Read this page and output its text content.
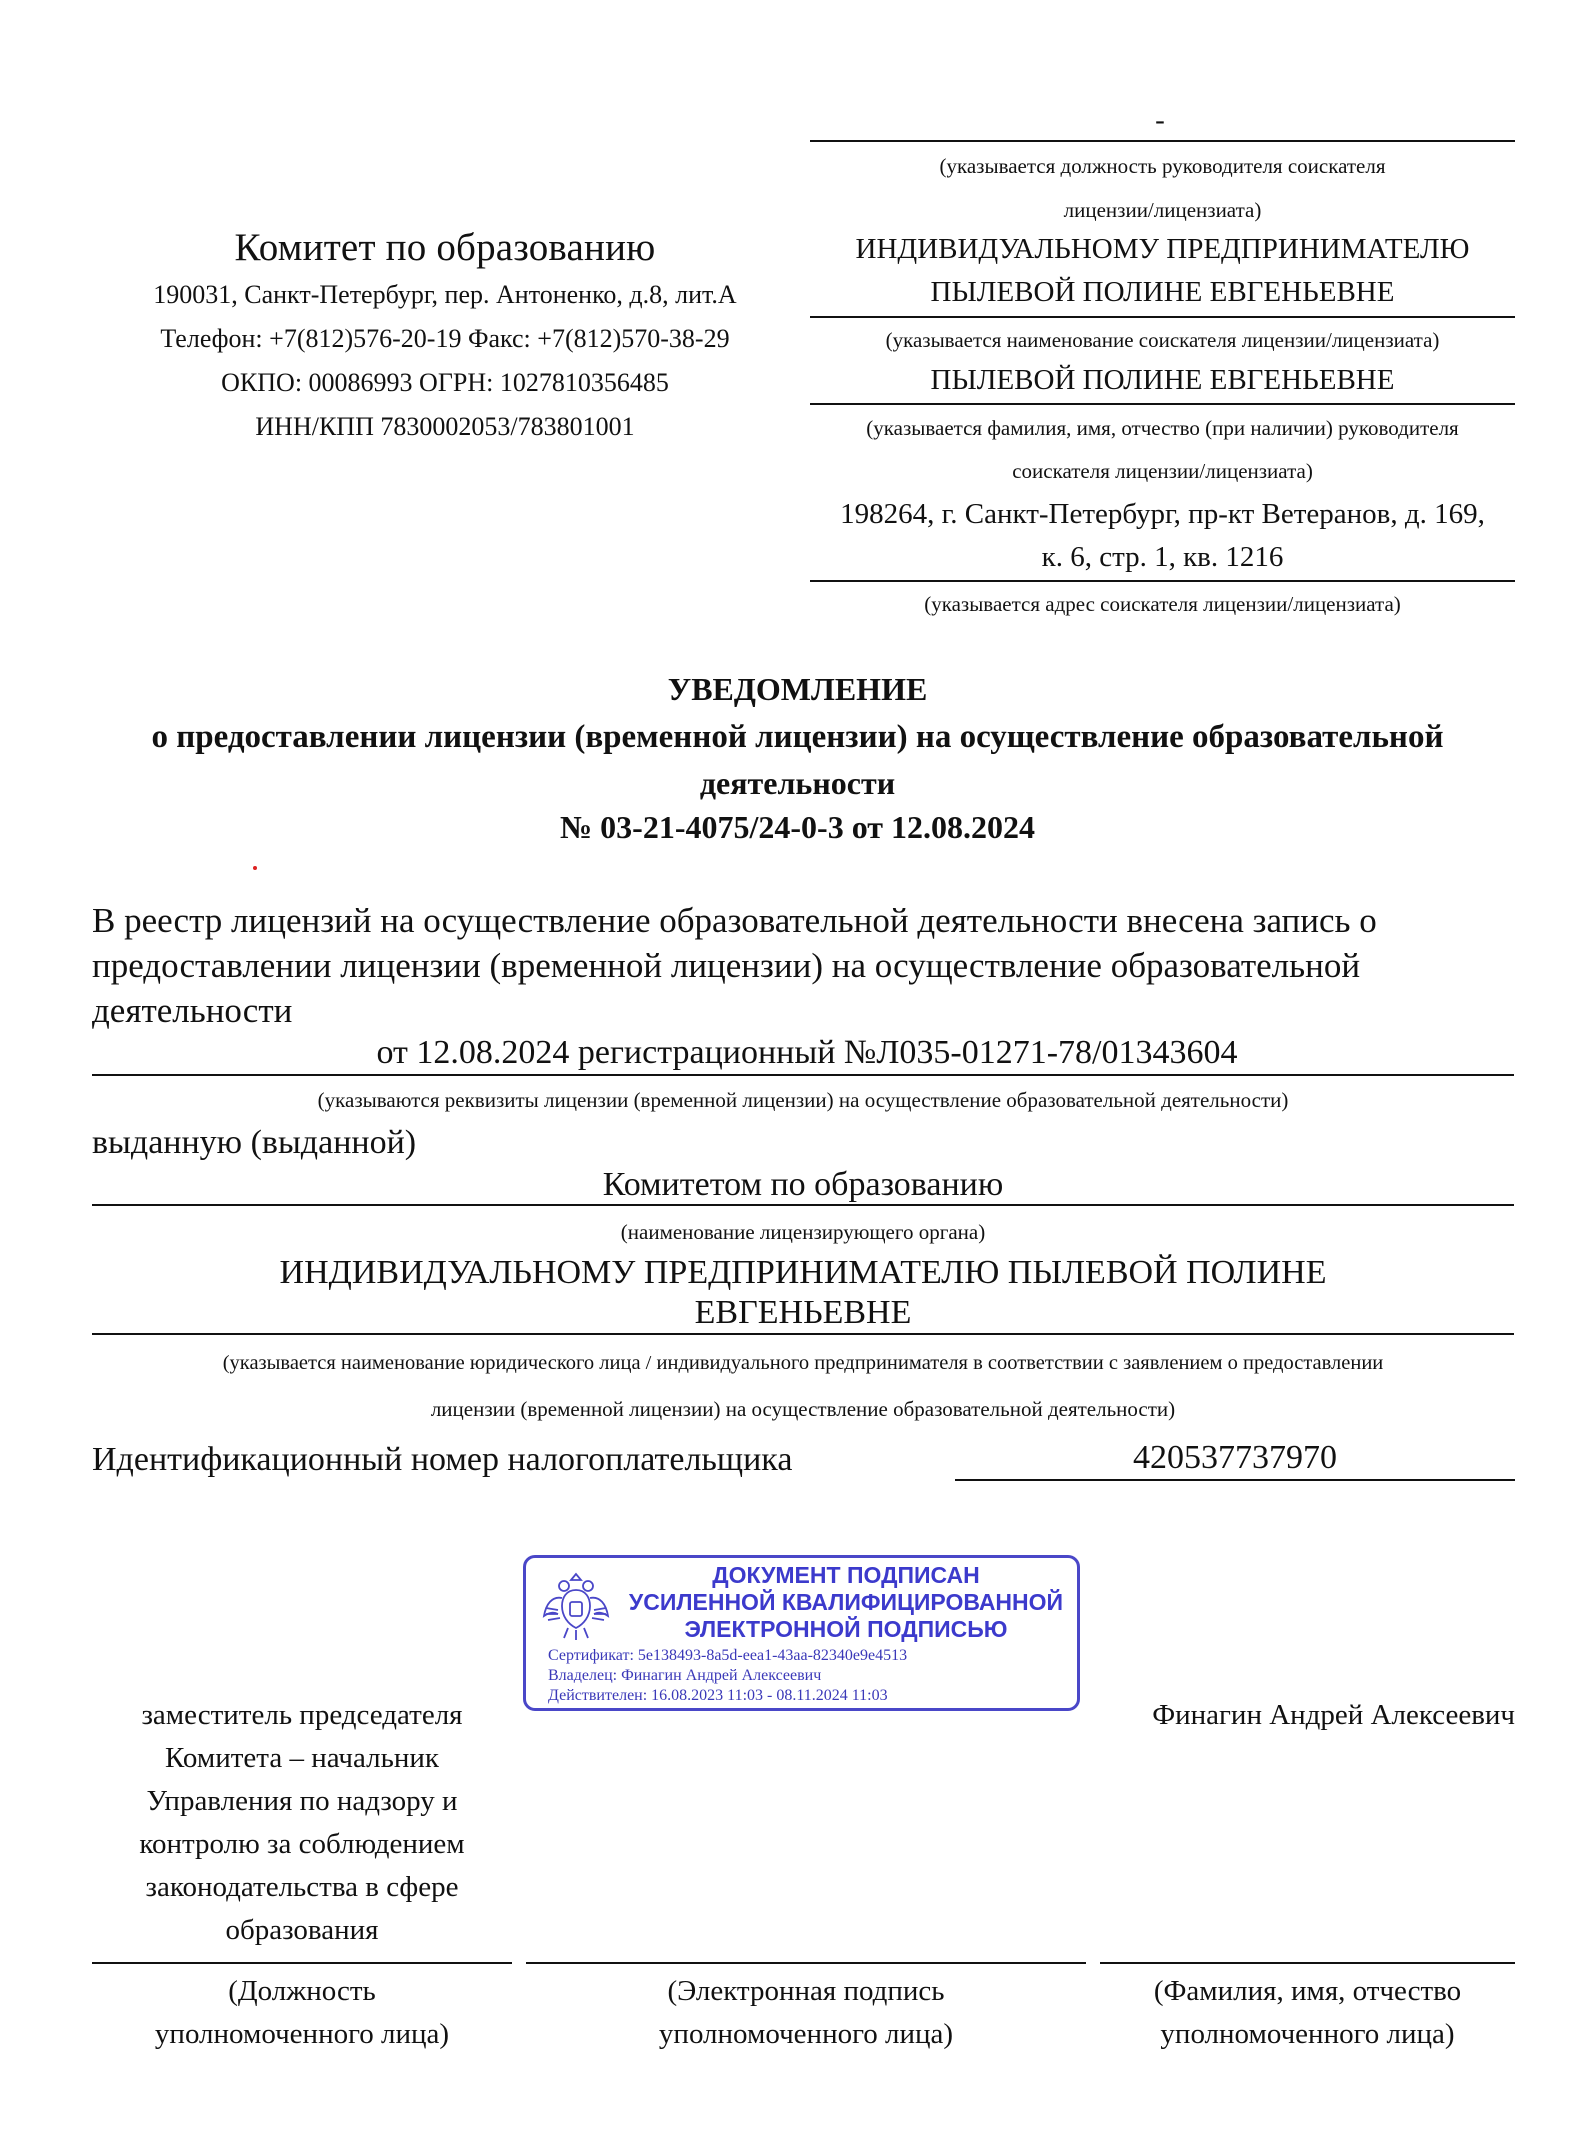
-
(указывается должность руководителя соискателя
лицензии/лицензиата)
ИНДИВИДУАЛЬНОМУ ПРЕДПРИНИМАТЕЛЮ
ПЫЛЕВОЙ ПОЛИНЕ ЕВГЕНЬЕВНЕ
(указывается наименование соискателя лицензии/лицензиата)
ПЫЛЕВОЙ ПОЛИНЕ ЕВГЕНЬЕВНЕ
(указывается фамилия, имя, отчество (при наличии) руководителя
соискателя лицензии/лицензиата)
198264, г. Санкт-Петербург, пр-кт Ветеранов, д. 169,
к. 6, стр. 1, кв. 1216
(указывается адрес соискателя лицензии/лицензиата)
Комитет по образованию
190031, Санкт-Петербург, пер. Антоненко, д.8, лит.А
Телефон: +7(812)576-20-19 Факс: +7(812)570-38-29
ОКПО: 00086993 ОГРН: 1027810356485
ИНН/КПП 7830002053/783801001
УВЕДОМЛЕНИЕ
о предоставлении лицензии (временной лицензии) на осуществление образовательной
деятельности
№ 03-21-4075/24-0-3 от 12.08.2024
В реестр лицензий на осуществление образовательной деятельности внесена запись о
предоставлении лицензии (временной лицензии) на осуществление образовательной
деятельности
от 12.08.2024 регистрационный №Л035-01271-78/01343604
(указываются реквизиты лицензии (временной лицензии) на осуществление образовательной деятельности)
выданную (выданной)
Комитетом по образованию
(наименование лицензирующего органа)
ИНДИВИДУАЛЬНОМУ ПРЕДПРИНИМАТЕЛЮ ПЫЛЕВОЙ ПОЛИНЕ
ЕВГЕНЬЕВНЕ
(указывается наименование юридического лица / индивидуального предпринимателя в соответствии с заявлением о предоставлении
лицензии (временной лицензии) на осуществление образовательной деятельности)
Идентификационный номер налогоплательщика	420537737970
ДОКУМЕНТ ПОДПИСАН
УСИЛЕННОЙ КВАЛИФИЦИРОВАННОЙ
ЭЛЕКТРОННОЙ ПОДПИСЬЮ
Сертификат: 5e138493-8a5d-eea1-43aa-82340e9e4513
Владелец: Финагин Андрей Алексеевич
Действителен: 16.08.2023 11:03 - 08.11.2024 11:03
заместитель председателя
Комитета – начальник
Управления по надзору и
контролю за соблюдением
законодательства в сфере
образования
Финагин Андрей Алексеевич
(Должность
уполномоченного лица)
(Электронная подпись
уполномоченного лица)
(Фамилия, имя, отчество
уполномоченного лица)
